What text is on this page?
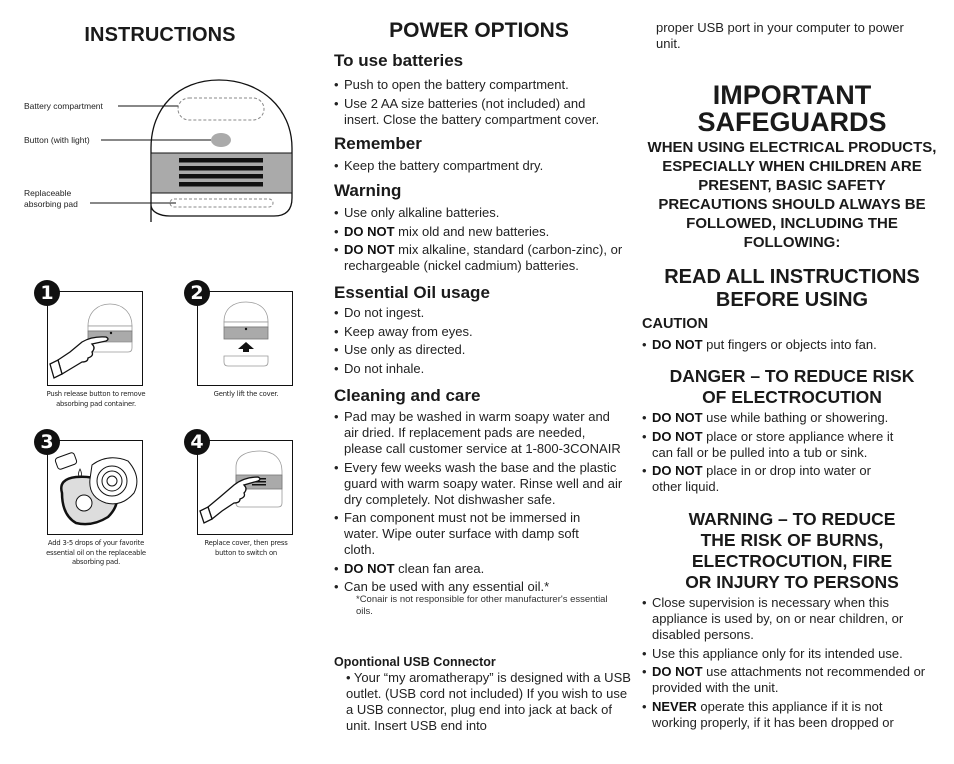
INSTRUCTIONS
Battery compartment
Button (with light)
Replaceable
absorbing pad
1
Push release button to remove
absorbing pad container.
2
Gently lift the cover.
3
Add 3-5 drops of your favorite
essential oil on the replaceable
absorbing pad.
4
Replace cover, then press
button to switch on
POWER OPTIONS
To use batteries
• Push to open the battery compartment.
• Use 2 AA size batteries (not included) and insert. Close the battery compartment cover.
Remember
• Keep the battery compartment dry.
Warning
• Use only alkaline batteries.
• DO NOT mix old and new batteries.
• DO NOT mix alkaline, standard (carbon-zinc), or rechargeable (nickel cadmium) batteries.
Essential Oil usage
• Do not ingest.
• Keep away from eyes.
• Use only as directed.
• Do not inhale.
Cleaning and care
• Pad may be washed in warm soapy water and air dried. If replacement pads are needed, please call customer service at 1-800-3CONAIR
• Every few weeks wash the base and the plastic guard with warm soapy water. Rinse well and air dry completely. Not dishwasher safe.
• Fan component must not be immersed in water. Wipe outer surface with damp soft cloth.
• DO NOT clean fan area.
• Can be used with any essential oil.*
*Conair is not responsible for other manufacturer's essential oils.
Opontional USB Connector
• Your “my aromatherapy” is designed with a USB outlet. (USB cord not included) If you wish to use a USB connector, plug end into jack at back of unit. Insert USB end into
proper USB port in your computer to power unit.
IMPORTANT
SAFEGUARDS
WHEN USING ELECTRICAL PRODUCTS, ESPECIALLY WHEN CHILDREN ARE PRESENT, BASIC SAFETY PRECAUTIONS SHOULD ALWAYS BE FOLLOWED, INCLUDING THE FOLLOWING:
READ ALL INSTRUCTIONS BEFORE USING
CAUTION
• DO NOT put fingers or objects into fan.
DANGER – TO REDUCE RISK OF ELECTROCUTION
• DO NOT use while bathing or showering.
• DO NOT place or store appliance where it can fall or be pulled into a tub or sink.
• DO NOT place in or drop into water or other liquid.
WARNING – TO REDUCE THE RISK OF BURNS, ELECTROCUTION, FIRE OR INJURY TO PERSONS
• Close supervision is necessary when this appliance is used by, on or near children, or disabled persons.
• Use this appliance only for its intended use.
• DO NOT use attachments not recommended or provided with the unit.
• NEVER operate this appliance if it is not working properly, if it has been dropped or
